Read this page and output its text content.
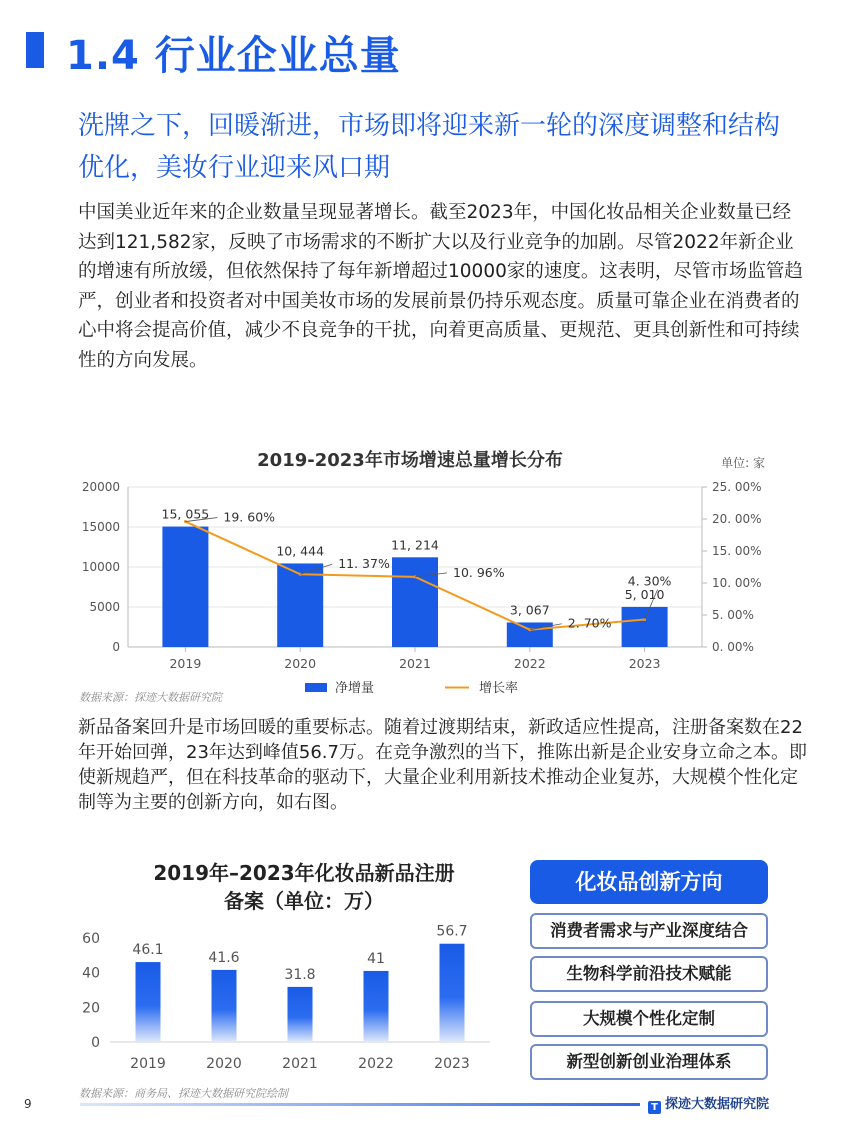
1.4 行业企业总量
洗牌之下，回暖渐进，市场即将迎来新一轮的深度调整和结构优化，美妆行业迎来风口期
中国美业近年来的企业数量呈现显著增长。截至2023年，中国化妆品相关企业数量已经达到121,582家，反映了市场需求的不断扩大以及行业竞争的加剧。尽管2022年新企业的增速有所放缓，但依然保持了每年新增超过10000家的速度。这表明，尽管市场监管趋严，创业者和投资者对中国美妆市场的发展前景仍持乐观态度。质量可靠企业在消费者的心中将会提高价值，减少不良竞争的干扰，向着更高质量、更规范、更具创新性和可持续性的方向发展。
2019-2023年市场增速总量增长分布	单位: 家
0
5000
10000
15000
20000
0. 00%
5. 00%
10. 00%
15. 00%
20. 00%
25. 00%
15, 055
10, 444	11, 214
3, 067
5, 010
19. 60%
11. 37%
10. 96%
2. 70%
4. 30%
2019	2020	2021	2022	2023
净增量	增长率
数据来源：探迹大数据研究院
新品备案回升是市场回暖的重要标志。随着过渡期结束，新政适应性提高，注册备案数在22年开始回弹，23年达到峰值56.7万。在竞争激烈的当下，推陈出新是企业安身立命之本。即使新规趋严，但在科技革命的驱动下，大量企业利用新技术推动企业复苏，大规模个性化定制等为主要的创新方向，如右图。
2019年–2023年化妆品新品注册
备案（单位：万）
0
20
40
60
46.1	41.6
31.8
41
56.7
2019	2020	2021	2022	2023
数据来源：商务局、探迹大数据研究院绘制
化妆品创新方向
消费者需求与产业深度结合
生物科学前沿技术赋能
大规模个性化定制
新型创新创业治理体系
9	T 探迹大数据研究院
